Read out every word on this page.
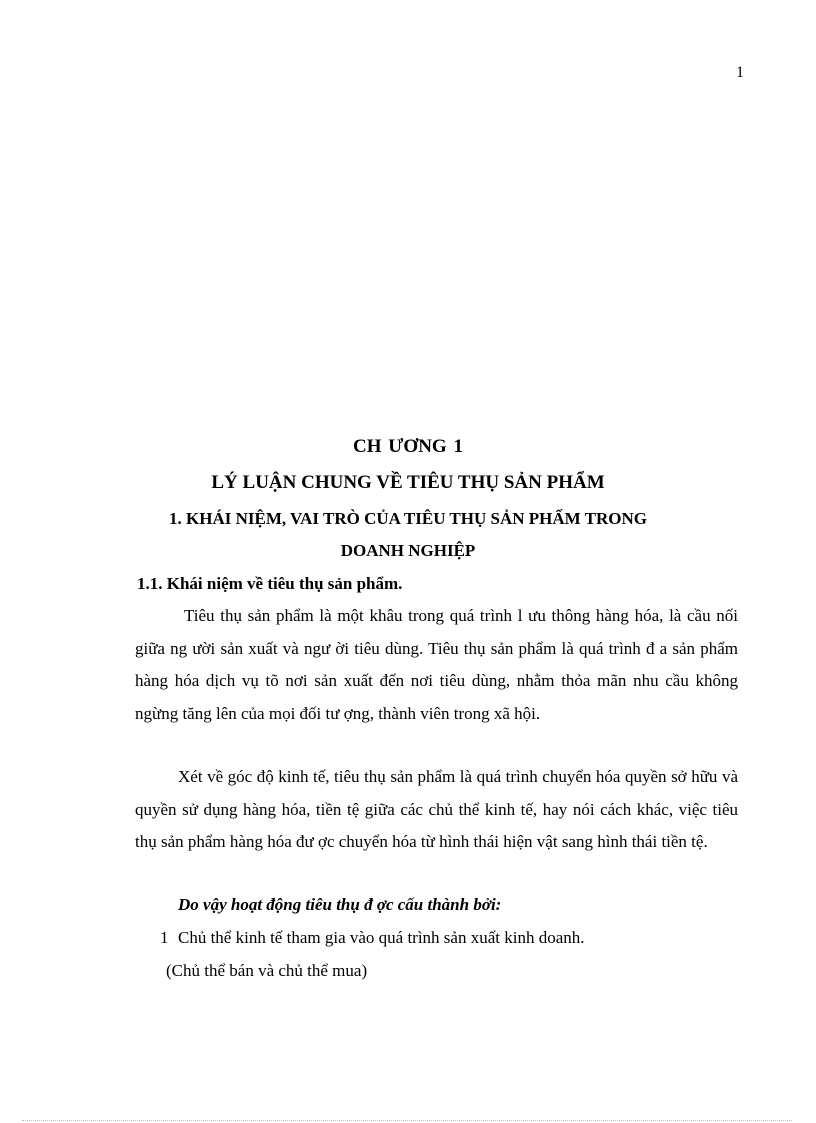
1
CH ƯƠNG 1
LÝ LUẬN CHUNG VỀ TIÊU THỤ SẢN PHẨM
1. KHÁI NIỆM, VAI TRÒ CỦA TIÊU THỤ SẢN PHẨM TRONG
DOANH NGHIỆP
1.1. Khái niệm về tiêu thụ sản phẩm.
Tiêu thụ sản phẩm là một khâu trong quá trình l ưu thông hàng hóa, là cầu nối giữa ng ười sản xuất và ngư ời tiêu dùng. Tiêu thụ sản phẩm là quá trình đ a sản phẩm hàng hóa dịch vụ tõ nơi sản xuất đến nơi tiêu dùng, nhằm thỏa mãn nhu cầu không ngừng tăng lên của mọi đối tư ợng, thành viên trong xã hội.
Xét về góc độ kinh tế, tiêu thụ sản phẩm là quá trình chuyển hóa quyền sở hữu và quyền sử dụng hàng hóa, tiền tệ giữa các chủ thể kinh tế, hay nói cách khác, việc tiêu thụ sản phẩm hàng hóa đư ợc chuyển hóa từ hình thái hiện vật sang hình thái tiền tệ.
Do vậy hoạt động tiêu thụ đ ợc cấu thành bởi:
1 Chủ thể kinh tế tham gia vào quá trình sản xuất kinh doanh.
(Chủ thể bán và chủ thể mua)
